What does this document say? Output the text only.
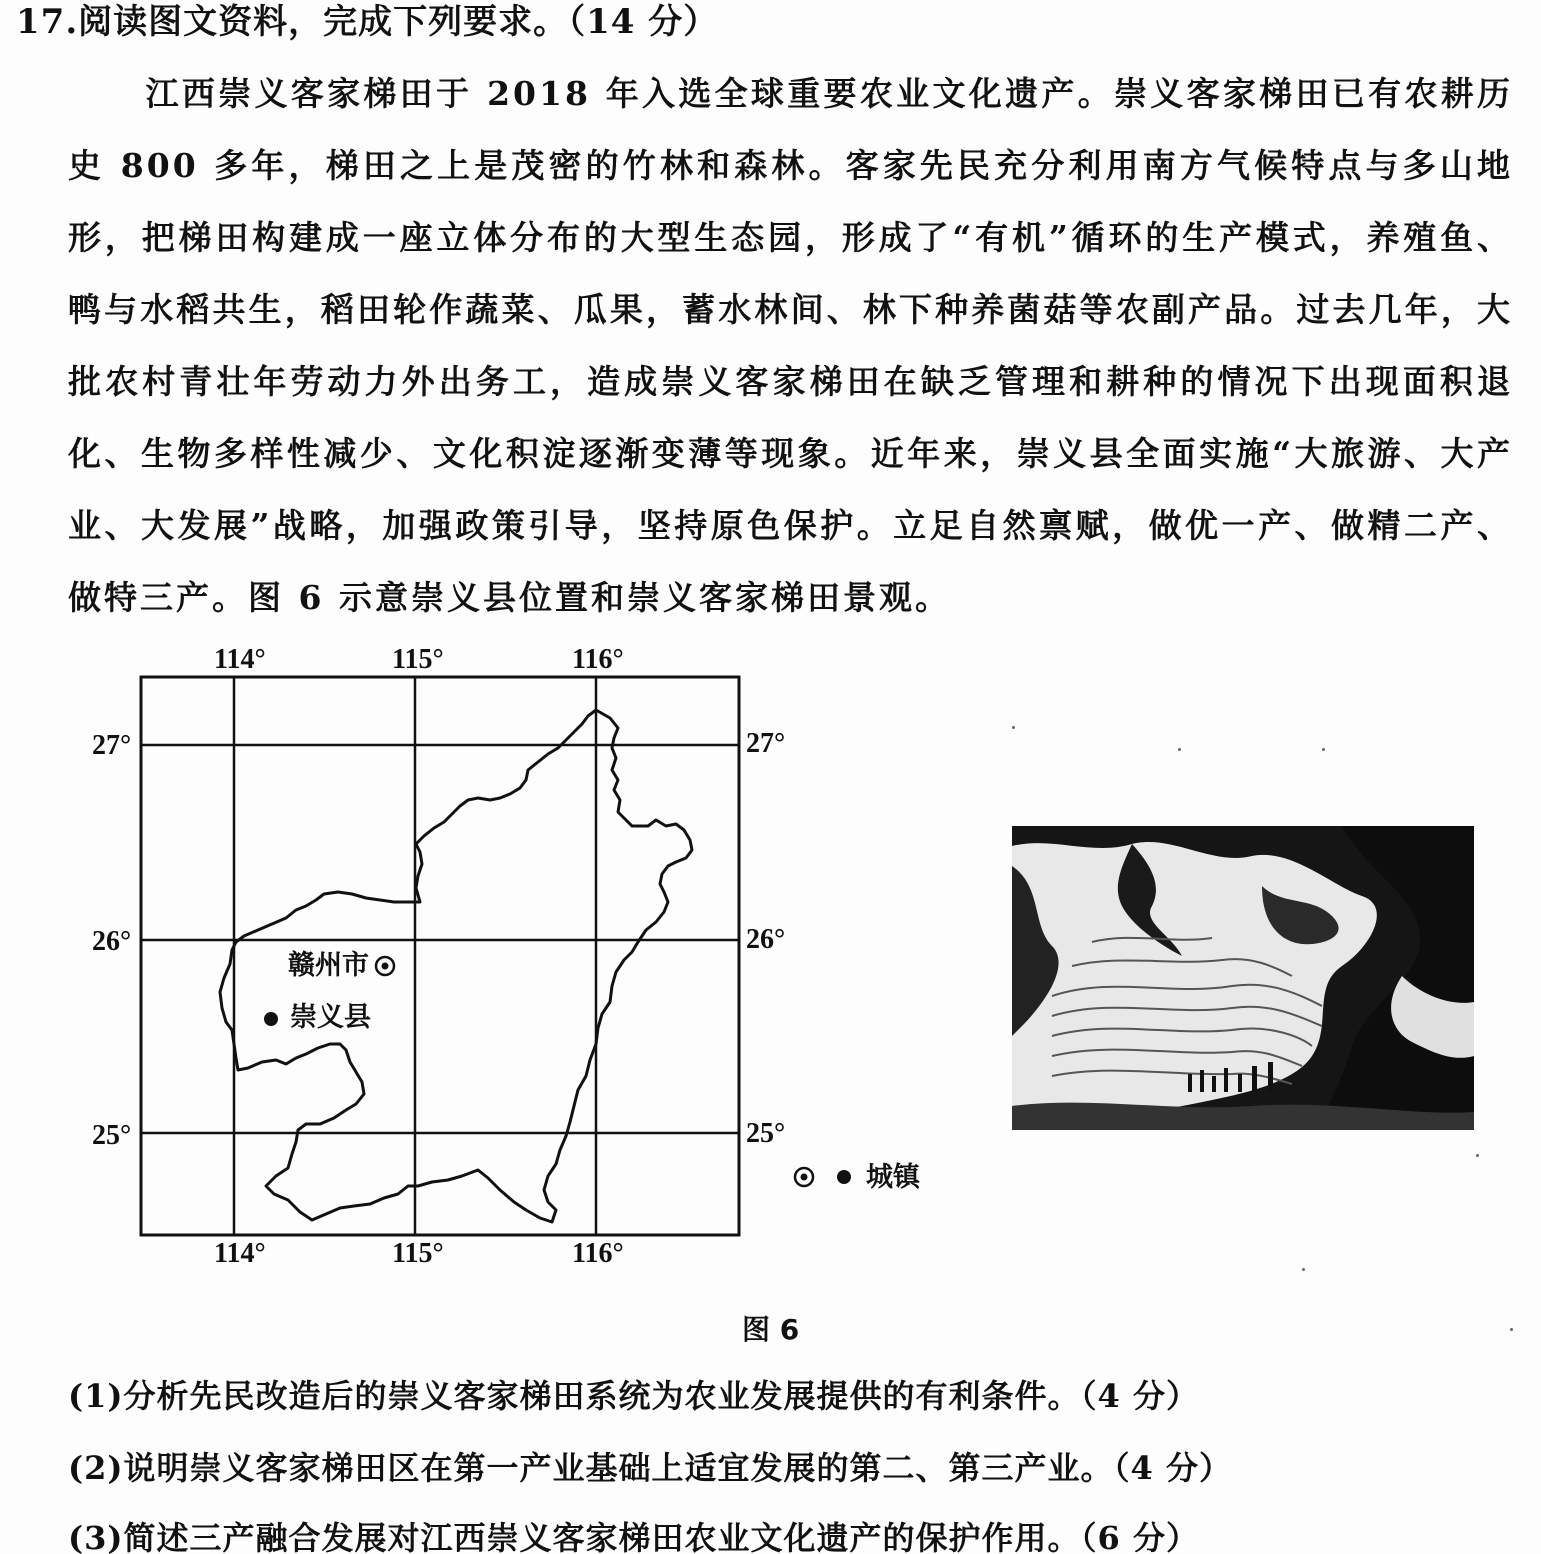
17.阅读图文资料，完成下列要求。（14 分）
江西崇义客家梯田于 2018 年入选全球重要农业文化遗产。崇义客家梯田已有农耕历史 800 多年，梯田之上是茂密的竹林和森林。客家先民充分利用南方气候特点与多山地形，把梯田构建成一座立体分布的大型生态园，形成了“有机”循环的生产模式，养殖鱼、鸭与水稻共生，稻田轮作蔬菜、瓜果，蓄水林间、林下种养菌菇等农副产品。过去几年，大批农村青壮年劳动力外出务工，造成崇义客家梯田在缺乏管理和耕种的情况下出现面积退化、生物多样性减少、文化积淀逐渐变薄等现象。近年来，崇义县全面实施“大旅游、大产业、大发展”战略，加强政策引导，坚持原色保护。立足自然禀赋，做优一产、做精二产、做特三产。图 6 示意崇义县位置和崇义客家梯田景观。
114°	115°	116°
114°	115°	116°
27°
26°
25°
27°
26°
25°
赣州市
崇义县
城镇
图 6
(1)分析先民改造后的崇义客家梯田系统为农业发展提供的有利条件。（4 分）
(2)说明崇义客家梯田区在第一产业基础上适宜发展的第二、第三产业。（4 分）
(3)简述三产融合发展对江西崇义客家梯田农业文化遗产的保护作用。（6 分）
